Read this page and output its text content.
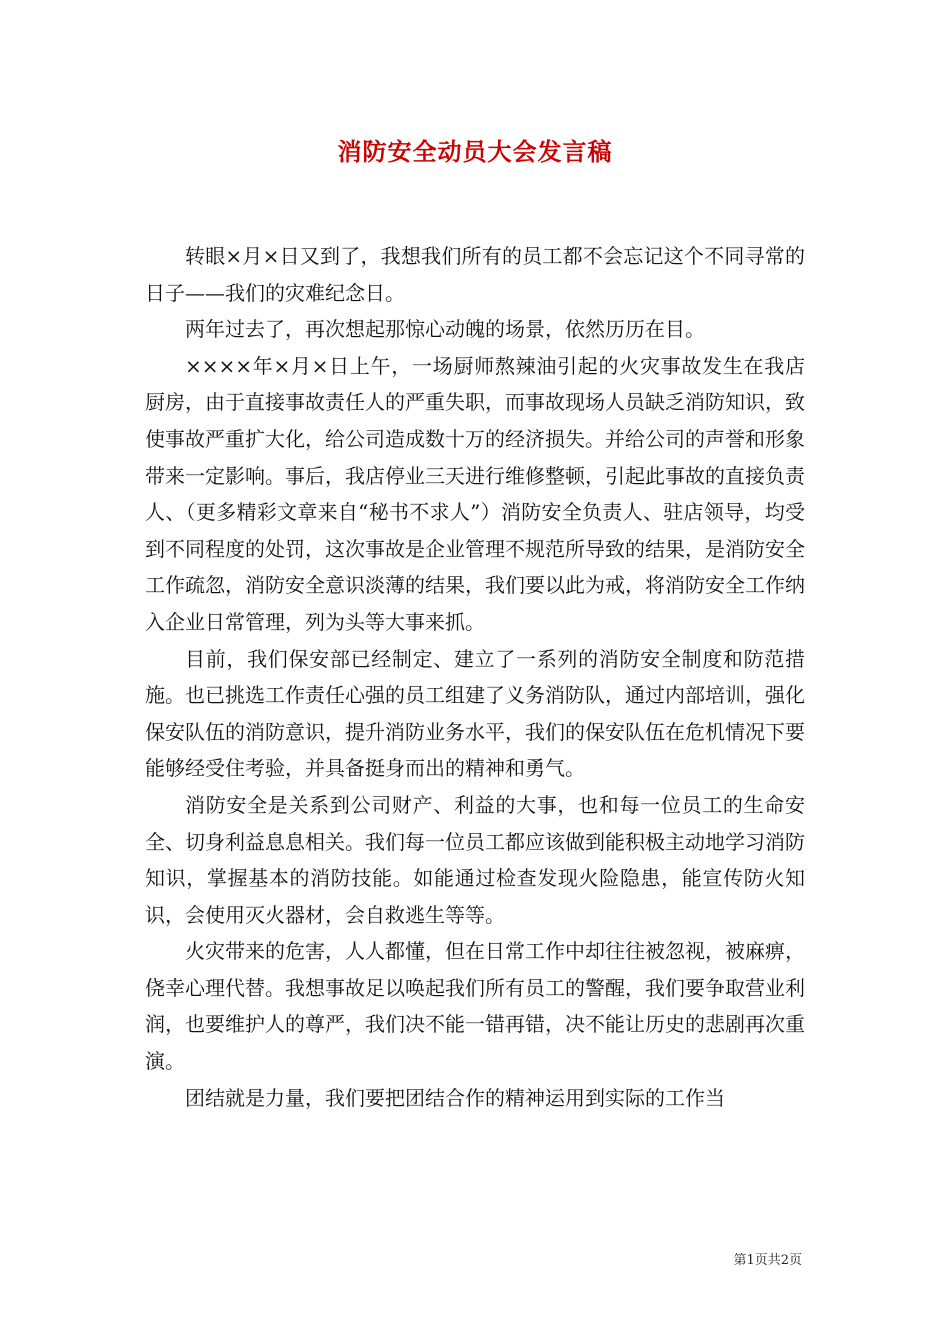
消防安全动员大会发言稿

转眼×月×日又到了，我想我们所有的员工都不会忘记这个不同寻常的日子——我们的灾难纪念日。

两年过去了，再次想起那惊心动魄的场景，依然历历在目。

××××年×月×日上午，一场厨师熬辣油引起的火灾事故发生在我店厨房，由于直接事故责任人的严重失职，而事故现场人员缺乏消防知识，致使事故严重扩大化，给公司造成数十万的经济损失。并给公司的声誉和形象带来一定影响。事后，我店停业三天进行维修整顿，引起此事故的直接负责人、（更多精彩文章来自“秘书不求人”）消防安全负责人、驻店领导，均受到不同程度的处罚，这次事故是企业管理不规范所导致的结果，是消防安全工作疏忽，消防安全意识淡薄的结果，我们要以此为戒，将消防安全工作纳入企业日常管理，列为头等大事来抓。

目前，我们保安部已经制定、建立了一系列的消防安全制度和防范措施。也已挑选工作责任心强的员工组建了义务消防队，通过内部培训，强化保安队伍的消防意识，提升消防业务水平，我们的保安队伍在危机情况下要能够经受住考验，并具备挺身而出的精神和勇气。

消防安全是关系到公司财产、利益的大事，也和每一位员工的生命安全、切身利益息息相关。我们每一位员工都应该做到能积极主动地学习消防知识，掌握基本的消防技能。如能通过检查发现火险隐患，能宣传防火知识，会使用灭火器材，会自救逃生等等。

火灾带来的危害，人人都懂，但在日常工作中却往往被忽视，被麻痹，侥幸心理代替。我想事故足以唤起我们所有员工的警醒，我们要争取营业利润，也要维护人的尊严，我们决不能一错再错，决不能让历史的悲剧再次重演。

团结就是力量，我们要把团结合作的精神运用到实际的工作当

第1页共2页
